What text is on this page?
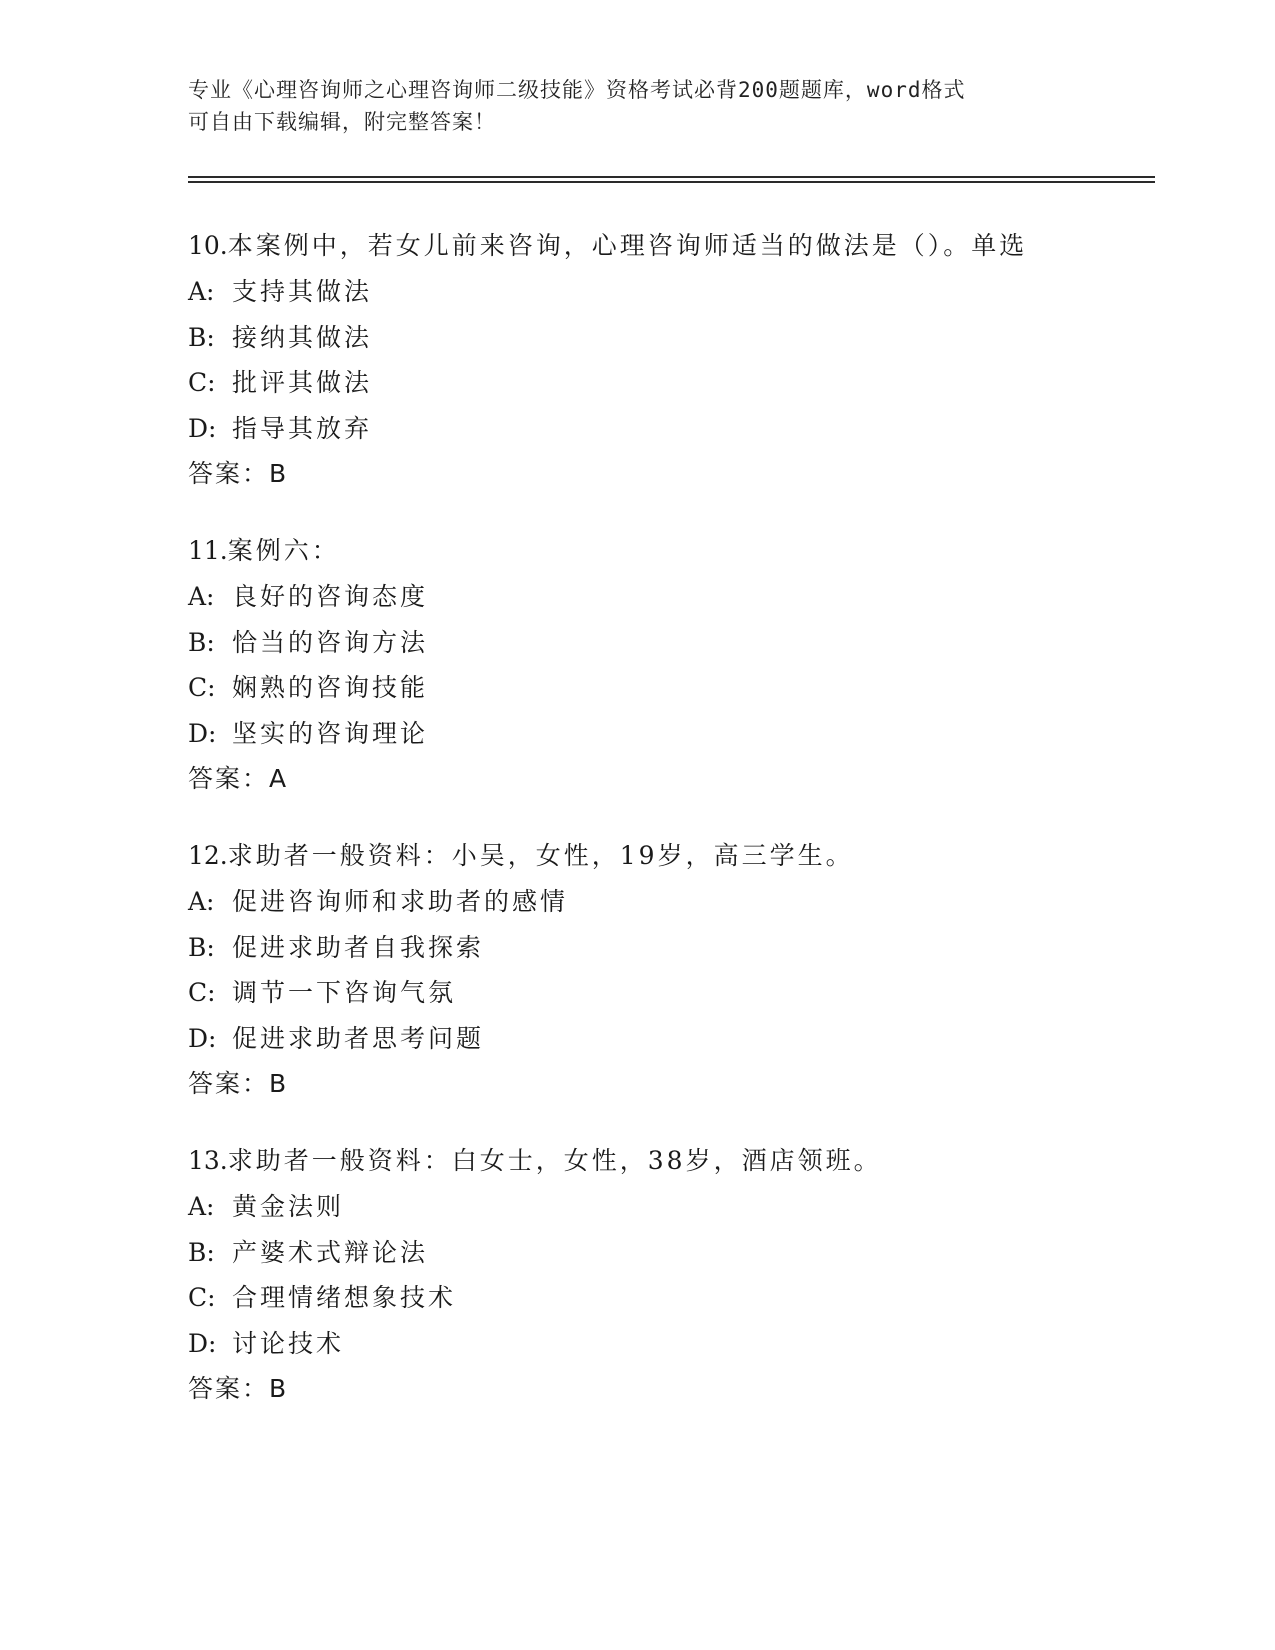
专业《心理咨询师之心理咨询师二级技能》资格考试必背200题题库，word格式
可自由下载编辑，附完整答案！
10.本案例中，若女儿前来咨询，心理咨询师适当的做法是（）。单选
A: 支持其做法
B: 接纳其做法
C: 批评其做法
D: 指导其放弃
答案：B
11.案例六：
A: 良好的咨询态度
B: 恰当的咨询方法
C: 娴熟的咨询技能
D: 坚实的咨询理论
答案：A
12.求助者一般资料：小吴，女性，19岁，高三学生。
A: 促进咨询师和求助者的感情
B: 促进求助者自我探索
C: 调节一下咨询气氛
D: 促进求助者思考问题
答案：B
13.求助者一般资料：白女士，女性，38岁，酒店领班。
A: 黄金法则
B: 产婆术式辩论法
C: 合理情绪想象技术
D: 讨论技术
答案：B
